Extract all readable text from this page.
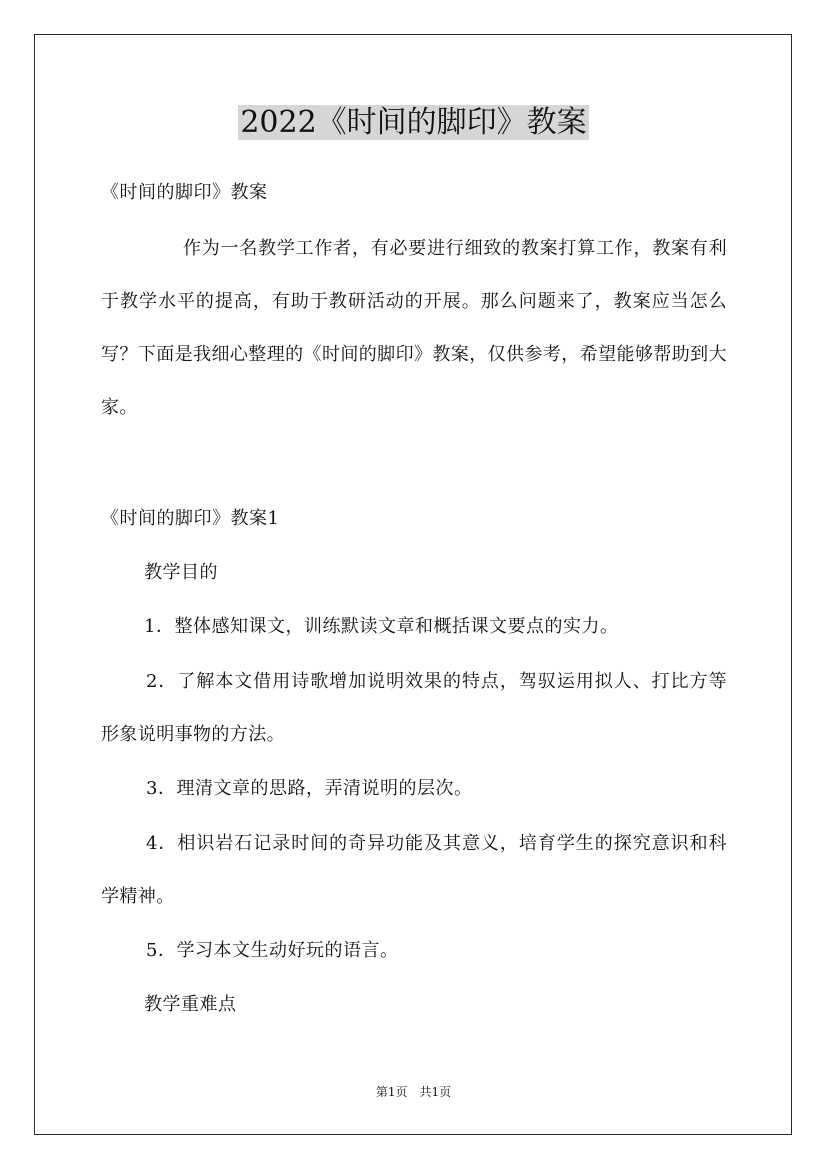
2022《时间的脚印》教案

《时间的脚印》教案

作为一名教学工作者，有必要进行细致的教案打算工作，教案有利于教学水平的提高，有助于教研活动的开展。那么问题来了，教案应当怎么写？下面是我细心整理的《时间的脚印》教案，仅供参考，希望能够帮助到大家。

《时间的脚印》教案1

教学目的

1．整体感知课文，训练默读文章和概括课文要点的实力。

2．了解本文借用诗歌增加说明效果的特点，驾驭运用拟人、打比方等形象说明事物的方法。

3．理清文章的思路，弄清说明的层次。

4．相识岩石记录时间的奇异功能及其意义，培育学生的探究意识和科学精神。

5．学习本文生动好玩的语言。

教学重难点

第1页　共1页
